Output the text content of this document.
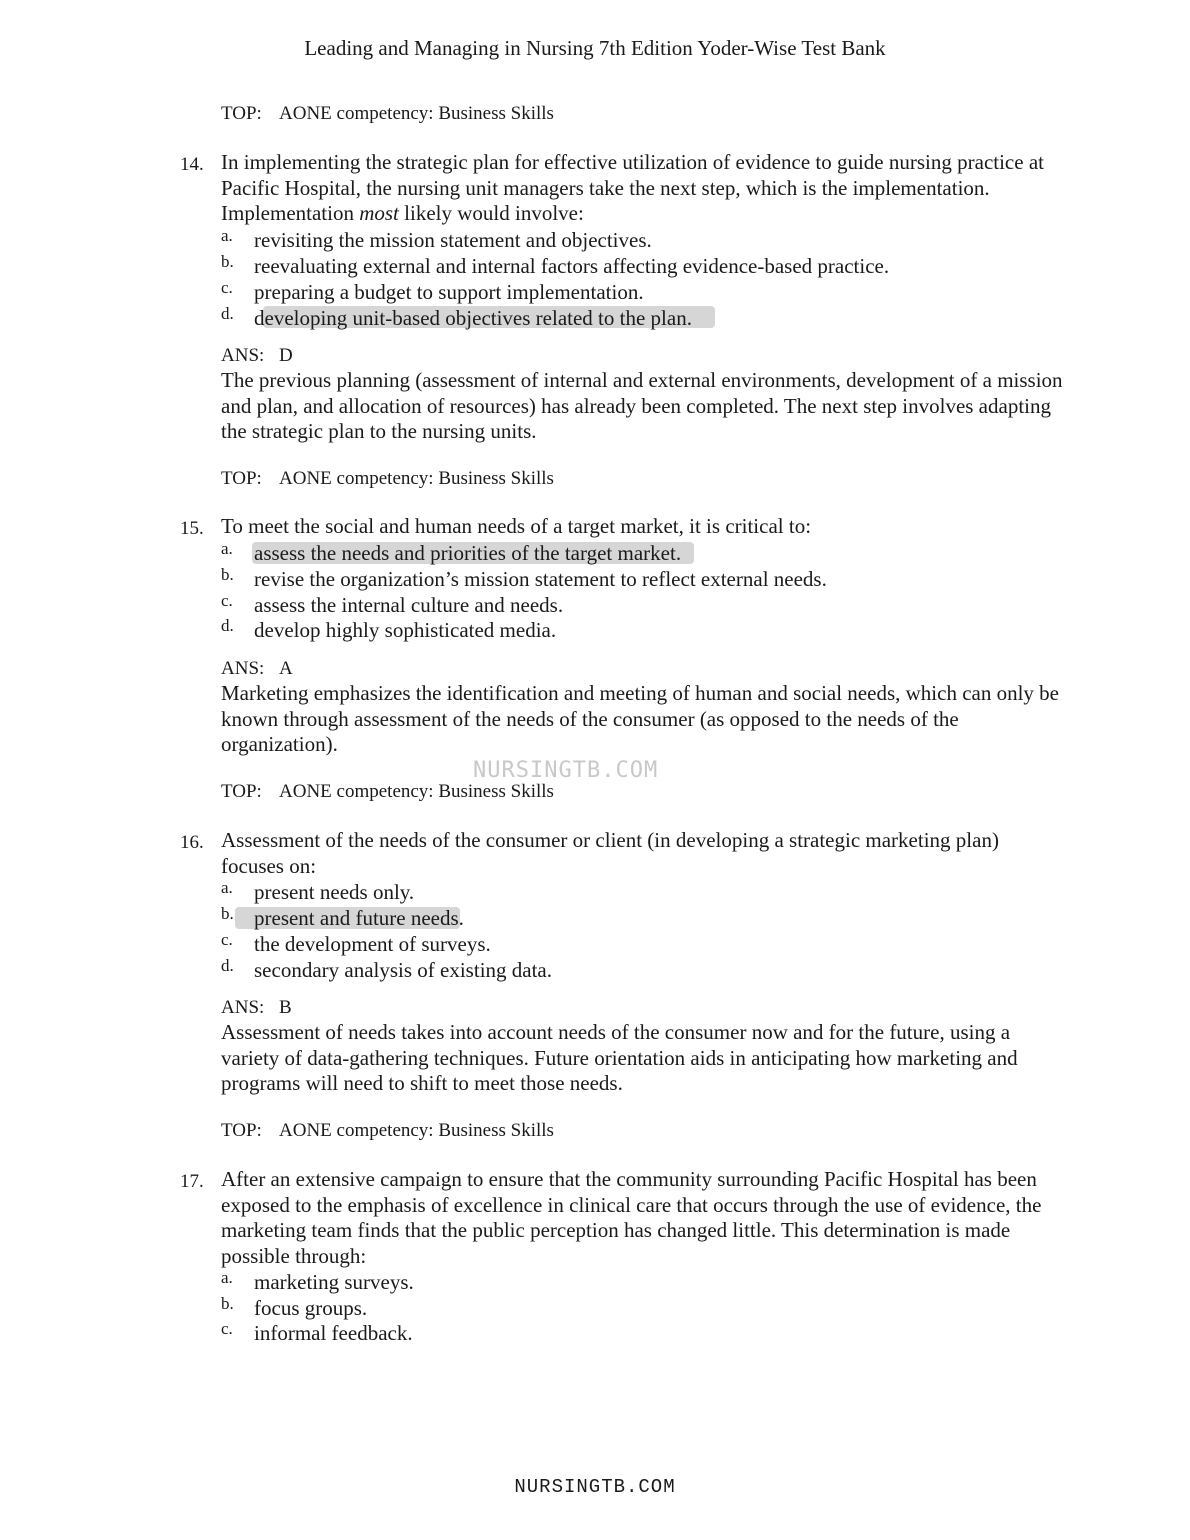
Leading and Managing in Nursing 7th Edition Yoder-Wise Test Bank
TOP: AONE competency: Business Skills
14. In implementing the strategic plan for effective utilization of evidence to guide nursing practice at Pacific Hospital, the nursing unit managers take the next step, which is the implementation. Implementation most likely would involve:
a. revisiting the mission statement and objectives.
b. reevaluating external and internal factors affecting evidence-based practice.
c. preparing a budget to support implementation.
d. developing unit-based objectives related to the plan.
ANS: D
The previous planning (assessment of internal and external environments, development of a mission and plan, and allocation of resources) has already been completed. The next step involves adapting the strategic plan to the nursing units.
TOP: AONE competency: Business Skills
15. To meet the social and human needs of a target market, it is critical to:
a. assess the needs and priorities of the target market.
b. revise the organization’s mission statement to reflect external needs.
c. assess the internal culture and needs.
d. develop highly sophisticated media.
ANS: A
Marketing emphasizes the identification and meeting of human and social needs, which can only be known through assessment of the needs of the consumer (as opposed to the needs of the organization).
TOP: AONE competency: Business Skills
NURSINGTB.COM
16. Assessment of the needs of the consumer or client (in developing a strategic marketing plan) focuses on:
a. present needs only.
b. present and future needs.
c. the development of surveys.
d. secondary analysis of existing data.
ANS: B
Assessment of needs takes into account needs of the consumer now and for the future, using a variety of data-gathering techniques. Future orientation aids in anticipating how marketing and programs will need to shift to meet those needs.
TOP: AONE competency: Business Skills
17. After an extensive campaign to ensure that the community surrounding Pacific Hospital has been exposed to the emphasis of excellence in clinical care that occurs through the use of evidence, the marketing team finds that the public perception has changed little. This determination is made possible through:
a. marketing surveys.
b. focus groups.
c. informal feedback.
NURSINGTB.COM
